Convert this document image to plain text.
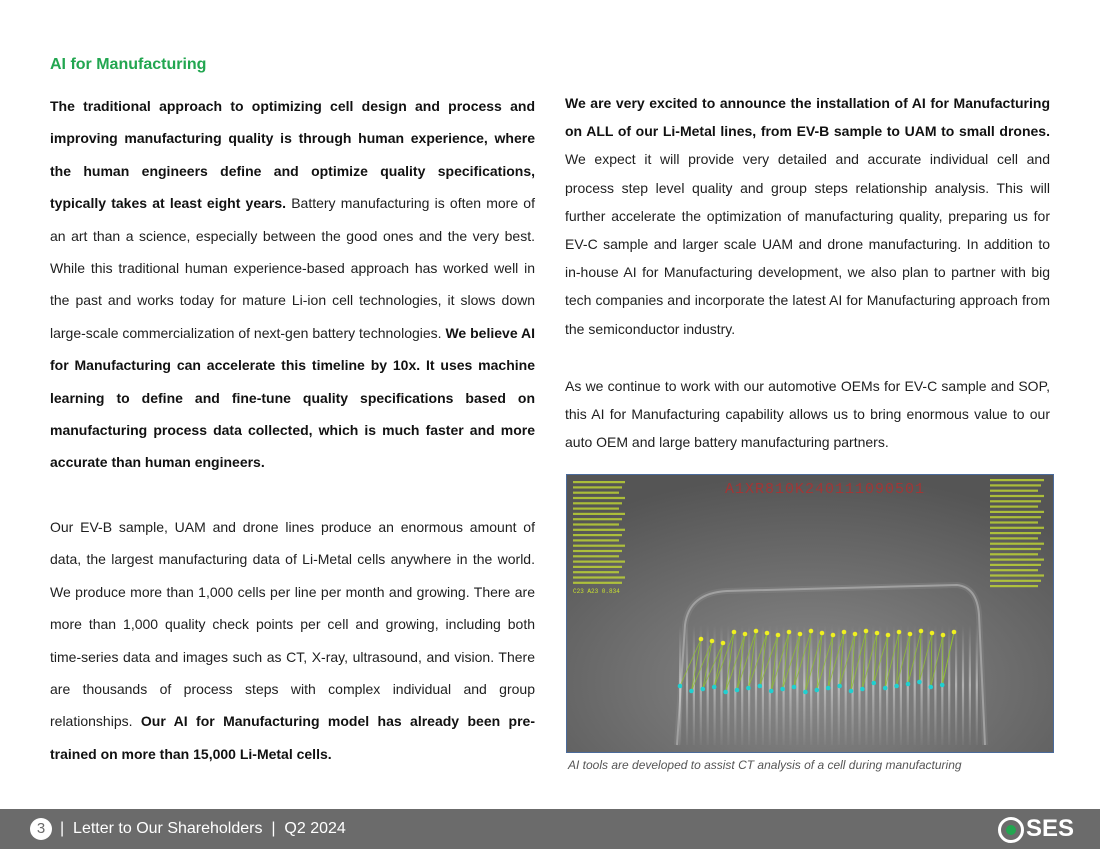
AI for Manufacturing

The traditional approach to optimizing cell design and process and improving manufacturing quality is through human experience, where the human engineers define and optimize quality specifications, typically takes at least eight years. Battery manufacturing is often more of an art than a science, especially between the good ones and the very best. While this traditional human experience-based approach has worked well in the past and works today for mature Li-ion cell technologies, it slows down large-scale commercialization of next-gen battery technologies. We believe AI for Manufacturing can accelerate this timeline by 10x. It uses machine learning to define and fine-tune quality specifications based on manufacturing process data collected, which is much faster and more accurate than human engineers.

Our EV-B sample, UAM and drone lines produce an enormous amount of data, the largest manufacturing data of Li-Metal cells anywhere in the world. We produce more than 1,000 cells per line per month and growing. There are more than 1,000 quality check points per cell and growing, including both time-series data and images such as CT, X-ray, ultrasound, and vision. There are thousands of process steps with complex individual and group relationships. Our AI for Manufacturing model has already been pre-trained on more than 15,000 Li-Metal cells.

We are very excited to announce the installation of AI for Manufacturing on ALL of our Li-Metal lines, from EV-B sample to UAM to small drones. We expect it will provide very detailed and accurate individual cell and process step level quality and group steps relationship analysis. This will further accelerate the optimization of manufacturing quality, preparing us for EV-C sample and larger scale UAM and drone manufacturing. In addition to in-house AI for Manufacturing development, we also plan to partner with big tech companies and incorporate the latest AI for Manufacturing approach from the semiconductor industry.

As we continue to work with our automotive OEMs for EV-C sample and SOP, this AI for Manufacturing capability allows us to bring enormous value to our auto OEM and large battery manufacturing partners.

A1XR810K240111090501
C23 A23 0.834
AI tools are developed to assist CT analysis of a cell during manufacturing
3 |  Letter to Our Shareholders  |  Q2 2024	SES
